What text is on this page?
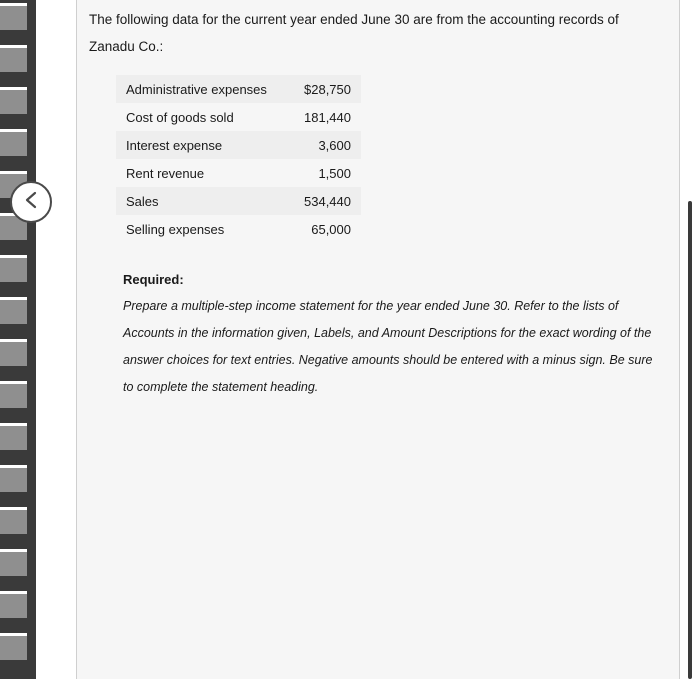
The following data for the current year ended June 30 are from the accounting records of Zanadu Co.:
Administrative expenses	$28,750
Cost of goods sold	181,440
Interest expense	3,600
Rent revenue	1,500
Sales	534,440
Selling expenses	65,000
Required:
Prepare a multiple-step income statement for the year ended June 30. Refer to the lists of Accounts in the information given, Labels, and Amount Descriptions for the exact wording of the answer choices for text entries. Negative amounts should be entered with a minus sign. Be sure to complete the statement heading.
